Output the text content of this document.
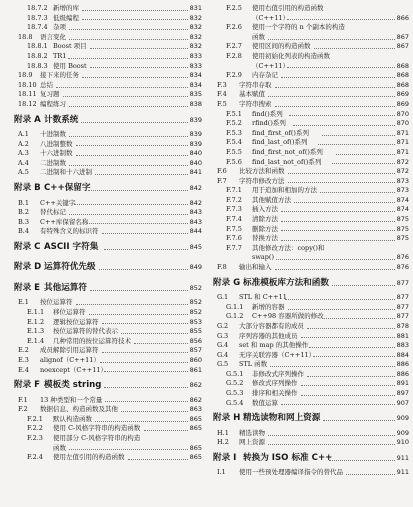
18.7.2 新增的库	831
18.7.3 低级编程	832
18.7.4 杂项	832
18.8 语言变化	832
18.8.1 Boost 项目	832
18.8.2 TR1	833
18.8.3 使用 Boost	833
18.9 接下来的任务	834
18.10 总结	834
18.11 复习题	835
18.12 编程练习	838
附录 A 计数系统	839
A.1 十进制数	839
A.2 八进制整数	839
A.3 十六进制数	840
A.4 二进制数	840
A.5 二进制和十六进制	841
附录 B C++保留字	842
B.1 C++关键字	842
B.2 替代标记	843
B.3 C++库保留名称	843
B.4 有特殊含义的标识符	844
附录 C ASCII 字符集	845
附录 D 运算符优先级	849
附录 E 其他运算符	852
E.1 按位运算符	852
E.1.1 移位运算符	852
E.1.2 逻辑按位运算符	853
E.1.3 按位运算符的替代表示	855
E.1.4 几种常用的按位运算符技术	856
E.2 成员解除引用运算符	857
E.3 alignof（C++11）	860
E.4 noexcept（C++11）	861
附录 F 模板类 string	862
F.1 13 种类型和一个常量	862
F.2 数据信息、构造函数及其他	863
F.2.1 默认构造函数	865
F.2.2 使用 C-风格字符串的构造函数	865
F.2.3 使用部分 C-风格字符串的构造
函数	865
F.2.4 使用左值引用的构造函数	865
F.2.5 使用右值引用的构造函数
（C++11）	866
F.2.6 使用一个字符的 n 个副本的构造
函数	867
F.2.7 使用区间的构造函数	867
F.2.8 使用初始化列表的构造函数
（C++11）	868
F.2.9 内存杂记	868
F.3 字符串存取	868
F.4 基本赋值	869
F.5 字符串搜索	869
F.5.1 find()系列	870
F.5.2 rfind()系列	870
F.5.3 find_first_of()系列	871
F.5.4 find_last_of()系列	871
F.5.5 find_first_not_of()系列	871
F.5.6 find_last_not_of()系列	872
F.6 比较方法和函数	872
F.7 字符串修改方法	873
F.7.1 用于追加和相加的方法	873
F.7.2 其他赋值方法	874
F.7.3 插入方法	874
F.7.4 清除方法	875
F.7.5 删除方法	875
F.7.6 替换方法	875
F.7.7 其他修改方法：copy()和
swap()	876
F.8 输出和输入	876
附录 G 标准模板库方法和函数	877
G.1 STL 和 C++11	877
G.1.1 新增的容器	877
G.1.2 C++98 容器所做的修改	877
G.2 大部分容器都有的成员	878
G.3 序列容器的其他成员	881
G.4 set 和 map 的其他操作	883
G.4 无序关联容器（C++11）	884
G.5 STL 函数	886
G.5.1 非修改式序列操作	886
G.5.2 修改式序列操作	891
G.5.3 排序和相关操作	897
G.5.4 数值运算	907
附录 H 精选读物和网上资源	909
H.1 精选读物	909
H.2 网上资源	910
附录 I 转换为 ISO 标准 C++	911
I.1 使用一些预处理器编译指令的替代品	911
